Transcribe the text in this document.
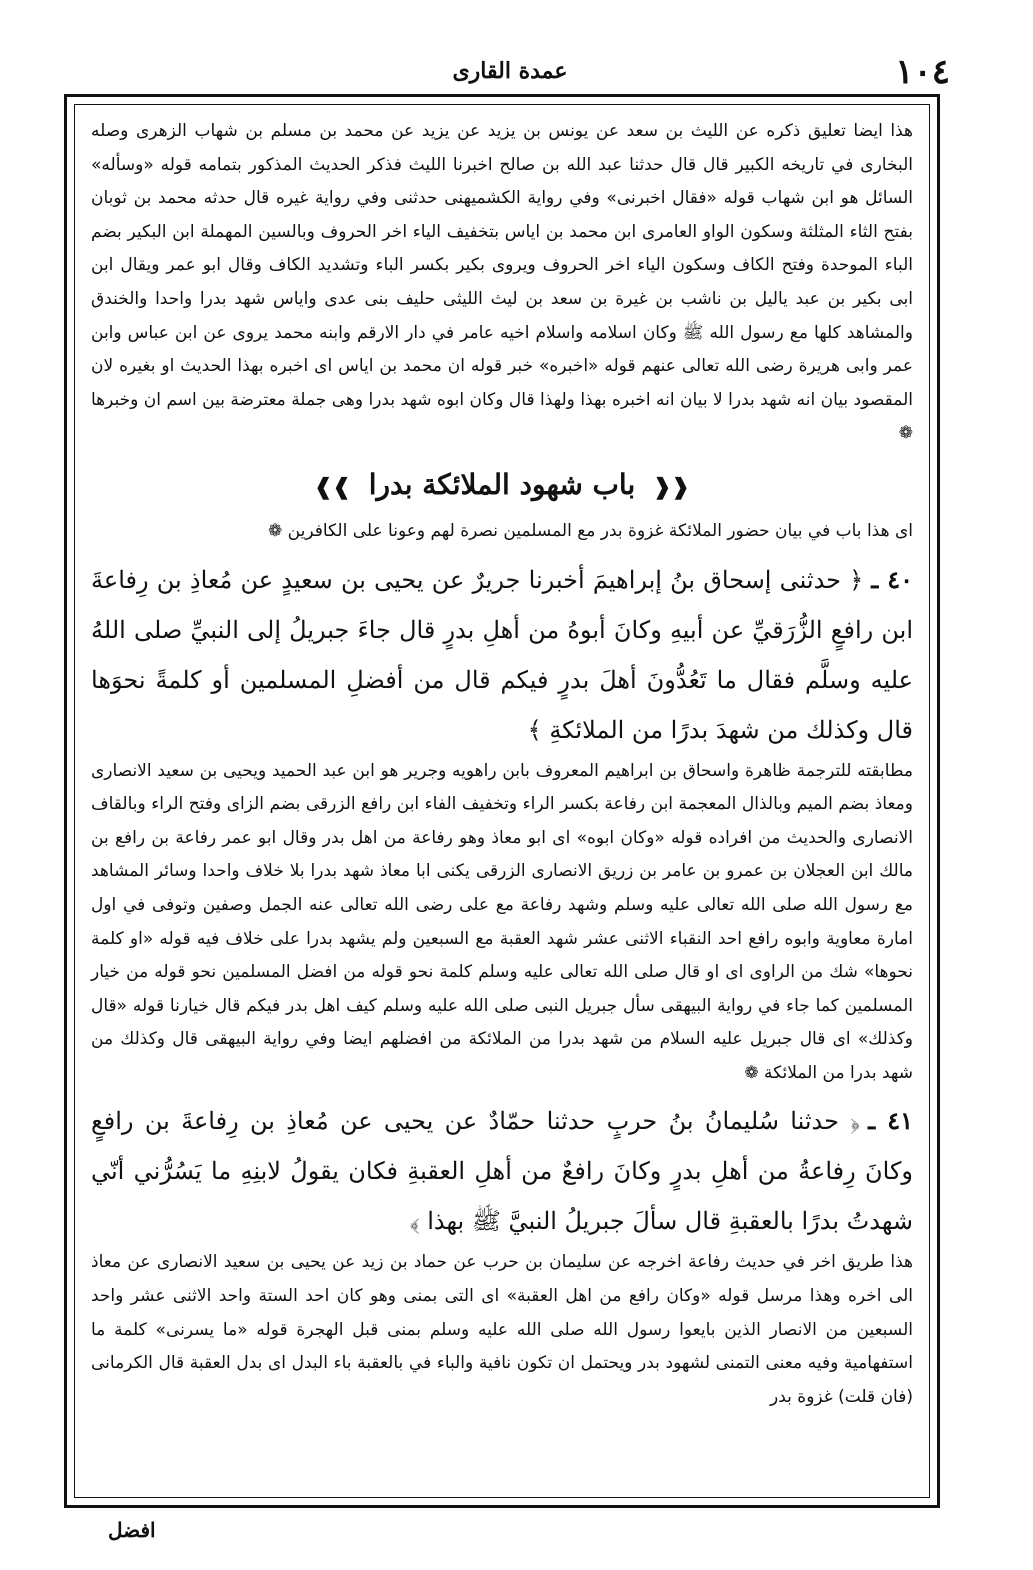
١٠٤
عمدة القارى

هذا ايضا تعليق ذكره عن الليث بن سعد عن يونس بن يزيد عن يزيد عن محمد بن مسلم بن شهاب الزهرى وصله البخارى في تاريخه الكبير قال قال حدثنا عبد الله بن صالح اخبرنا الليث فذكر الحديث المذكور بتمامه قوله «وسأله» السائل هو ابن شهاب قوله «فقال اخبرنى» وفي رواية الكشميهنى حدثنى وفي رواية غيره قال حدثه محمد بن ثوبان بفتح الثاء المثلثة وسكون الواو العامرى ابن محمد بن اياس بتخفيف الياء اخر الحروف وبالسين المهملة ابن البكير بضم الباء الموحدة وفتح الكاف وسكون الياء اخر الحروف ويروى بكير بكسر الباء وتشديد الكاف وقال ابو عمر ويقال ابن ابى بكير بن عبد ياليل بن ناشب بن غيرة بن سعد بن ليث الليثى حليف بنى عدى واياس شهد بدرا واحدا والخندق والمشاهد كلها مع رسول الله ﷺ وكان اسلامه واسلام اخيه عامر في دار الارقم وابنه محمد يروى عن ابن عباس وابن عمر وابى هريرة رضى الله تعالى عنهم قوله «اخبره» خبر قوله ان محمد بن اياس اى اخبره بهذا الحديث او بغيره لان المقصود بيان انه شهد بدرا لا بيان انه اخبره بهذا ولهذا قال وكان ابوه شهد بدرا وهى جملة معترضة بين اسم ان وخبرها ❁

❰❰ باب شهود الملائكة بدرا ❱❱

اى هذا باب في بيان حضور الملائكة غزوة بدر مع المسلمين نصرة لهم وعونا على الكافرين ❁

٤٠ ـ﴿ حدثنى إسحاق بنُ إبراهيمَ أخبرنا جريرٌ عن يحيى بن سعيدٍ عن مُعاذِ بن رِفاعةَ ابن رافعٍ الزُّرَقيِّ عن أبيهِ وكانَ أبوهُ من أهلِ بدرٍ قال جاءَ جبريلُ إلى النبيِّ صلى اللهُ عليه وسلَّم فقال ما تَعُدُّونَ أهلَ بدرٍ فيكم قال من أفضلِ المسلمين أو كلمةً نحوَها قال وكذلك من شهدَ بدرًا من الملائكةِ ﴾

مطابقته للترجمة ظاهرة واسحاق بن ابراهيم المعروف بابن راهويه وجرير هو ابن عبد الحميد ويحيى بن سعيد الانصارى ومعاذ بضم الميم وبالذال المعجمة ابن رفاعة بكسر الراء وتخفيف الفاء ابن رافع الزرقى بضم الزاى وفتح الراء وبالقاف الانصارى والحديث من افراده قوله «وكان ابوه» اى ابو معاذ وهو رفاعة من اهل بدر وقال ابو عمر رفاعة بن رافع بن مالك ابن العجلان بن عمرو بن عامر بن زريق الانصارى الزرقى يكنى ابا معاذ شهد بدرا بلا خلاف واحدا وسائر المشاهد مع رسول الله صلى الله تعالى عليه وسلم وشهد رفاعة مع على رضى الله تعالى عنه الجمل وصفين وتوفى في اول امارة معاوية وابوه رافع احد النقباء الاثنى عشر شهد العقبة مع السبعين ولم يشهد بدرا على خلاف فيه قوله «او كلمة نحوها» شك من الراوى اى او قال صلى الله تعالى عليه وسلم كلمة نحو قوله من افضل المسلمين نحو قوله من خيار المسلمين كما جاء في رواية البيهقى سأل جبريل النبى صلى الله عليه وسلم كيف اهل بدر فيكم قال خيارنا قوله «قال وكذلك» اى قال جبريل عليه السلام من شهد بدرا من الملائكة من افضلهم ايضا وفي رواية البيهقى قال وكذلك من شهد بدرا من الملائكة ❁

٤١ ـ﴿ حدثنا سُليمانُ بنُ حربٍ حدثنا حمّادٌ عن يحيى عن مُعاذِ بن رِفاعةَ بن رافعٍ وكانَ رِفاعةُ من أهلِ بدرٍ وكانَ رافعٌ من أهلِ العقبةِ فكان يقولُ لابنِهِ ما يَسُرُّني أنّي شهدتُ بدرًا بالعقبةِ قال سألَ جبريلُ النبيَّ ﷺ بهذا ﴾

هذا طريق اخر في حديث رفاعة اخرجه عن سليمان بن حرب عن حماد بن زيد عن يحيى بن سعيد الانصارى عن معاذ الى اخره وهذا مرسل قوله «وكان رافع من اهل العقبة» اى التى بمنى وهو كان احد الستة واحد الاثنى عشر واحد السبعين من الانصار الذين بايعوا رسول الله صلى الله عليه وسلم بمنى قبل الهجرة قوله «ما يسرنى» كلمة ما استفهامية وفيه معنى التمنى لشهود بدر ويحتمل ان تكون نافية والباء في بالعقبة باء البدل اى بدل العقبة قال الكرمانى (فان قلت) غزوة بدر

افضل
